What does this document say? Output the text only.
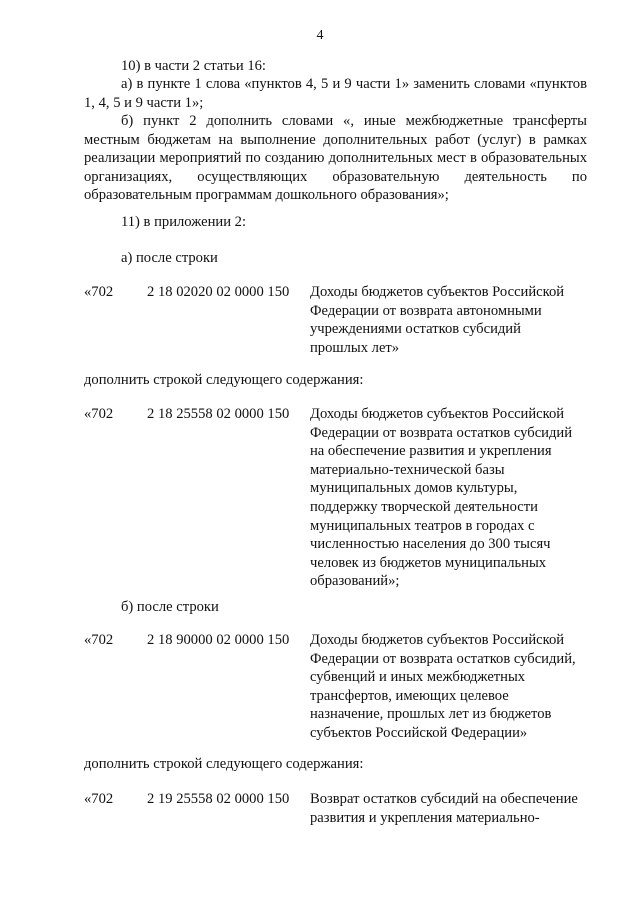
4
10) в части 2 статьи 16:
а) в пункте 1 слова «пунктов 4, 5 и 9 части 1» заменить словами «пунктов 1, 4, 5 и 9 части 1»;
б) пункт 2 дополнить словами «, иные межбюджетные трансферты местным бюджетам на выполнение дополнительных работ (услуг) в рамках реализации мероприятий по созданию дополнительных мест в образовательных организациях, осуществляющих образовательную деятельность по образовательным программам дошкольного образования»;
11) в приложении 2:
а) после строки
«702 2 18 02020 02 0000 150 Доходы бюджетов субъектов Российской
Федерации от возврата автономными
учреждениями остатков субсидий
прошлых лет»
дополнить строкой следующего содержания:
«702 2 18 25558 02 0000 150 Доходы бюджетов субъектов Российской
Федерации от возврата остатков субсидий
на обеспечение развития и укрепления
материально-технической базы
муниципальных домов культуры,
поддержку творческой деятельности
муниципальных театров в городах с
численностью населения до 300 тысяч
человек из бюджетов муниципальных
образований»;
б) после строки
«702 2 18 90000 02 0000 150 Доходы бюджетов субъектов Российской
Федерации от возврата остатков субсидий,
субвенций и иных межбюджетных
трансфертов, имеющих целевое
назначение, прошлых лет из бюджетов
субъектов Российской Федерации»
дополнить строкой следующего содержания:
«702 2 19 25558 02 0000 150 Возврат остатков субсидий на обеспечение
развития и укрепления материально-
